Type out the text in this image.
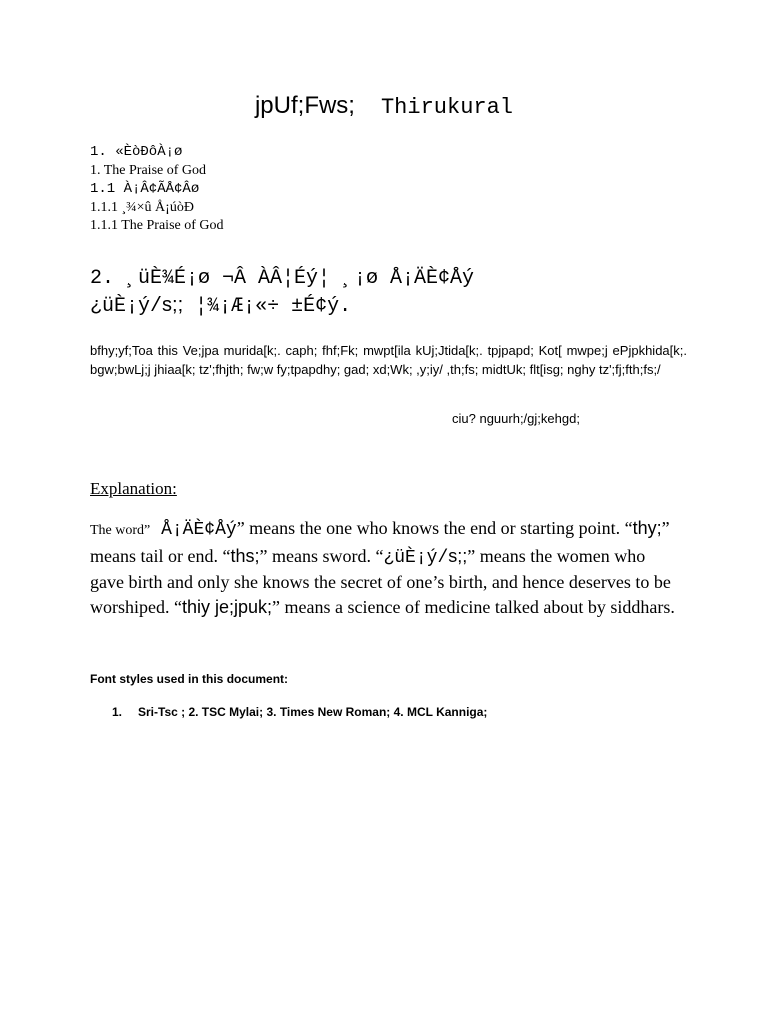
jpUf;Fws; Thirukural
1. «ÈòÐôÀ¡ø
1. The Praise of God
1.1 À¡Â¢ÃÅ¢Âø
1.1.1 ¸¾×û Å¡úòÐ
1.1.1 The Praise of God
2. ¸üÈ¾É¡ø ¬Â ÀÂ¦Éý¦ ¸¡ø Å¡ÄÈ¢Åý
¿üÈ¡ý/s;; ¦¾¡Æ¡«÷ ±É¢ý.
bfhy;yf;Toa this Ve;jpa murida[k;. caph; fhf;Fk; mwpt[ila kUj;Jtida[k;. tpjpapd; Kot[ mwpe;j ePjpkhida[k;. bgw;bwLj;j jhiaa[k; tz';fhjth; fw;w fy;tpapdhy; gad; xd;Wk; ,y;iy/ ,th;fs; midtUk; flt[isg; nghy tz';fj;fth;fs;/
ciu? nguurh;/gj;kehgd;
Explanation:
The word” Å¡ÄÈ¢Åý” means the one who knows the end or starting point. “thy;” means tail or end. “ths;” means sword. “¿üÈ¡ý/s;;” means the women who gave birth and only she knows the secret of one’s birth, and hence deserves to be worshiped. “thiy je;jpuk;” means a science of medicine talked about by siddhars.
Font styles used in this document:
1. Sri-Tsc ; 2. TSC Mylai; 3. Times New Roman; 4. MCL Kanniga;
